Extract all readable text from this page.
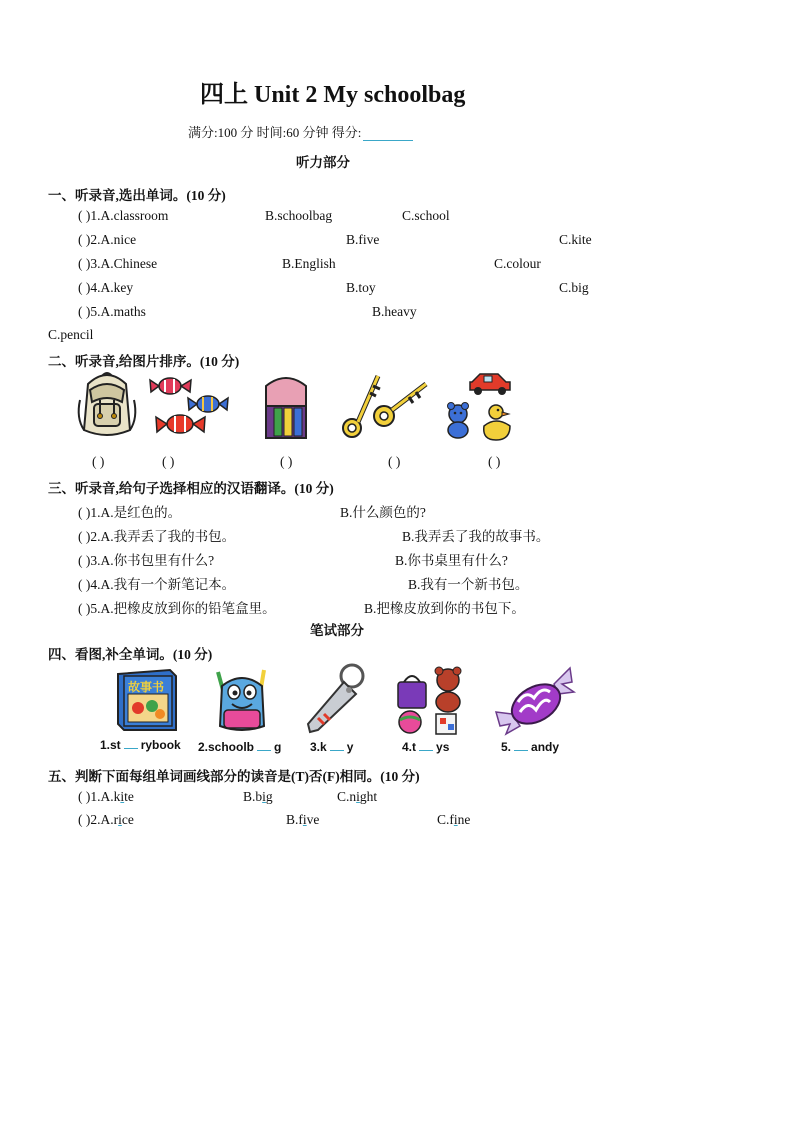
四上 Unit 2 My schoolbag
满分:100 分 时间:60 分钟 得分:
听力部分
一、听录音,选出单词。(10 分)
( )1.A.classroom	B.schoolbag	C.school
( )2.A.nice	B.five	C.kite
( )3.A.Chinese	B.English	C.colour
( )4.A.key	B.toy	C.big
( )5.A.maths	B.heavy
C.pencil
二、听录音,给图片排序。(10 分)
( )	( )	( )	( )	( )
三、听录音,给句子选择相应的汉语翻译。(10 分)
( )1.A.是红色的。	B.什么颜色的?
( )2.A.我弄丢了我的书包。	B.我弄丢了我的故事书。
( )3.A.你书包里有什么?	B.你书桌里有什么?
( )4.A.我有一个新笔记本。	B.我有一个新书包。
( )5.A.把橡皮放到你的铅笔盒里。	B.把橡皮放到你的书包下。
笔试部分
四、看图,补全单词。(10 分)
故事书
1.st rybook 2.schoolb g 3.k y	4.t ys	5. andy
五、判断下面每组单词画线部分的读音是(T)否(F)相同。(10 分)
( )1.A.kite	B.big	C.night
( )2.A.rice	B.five	C.fine
